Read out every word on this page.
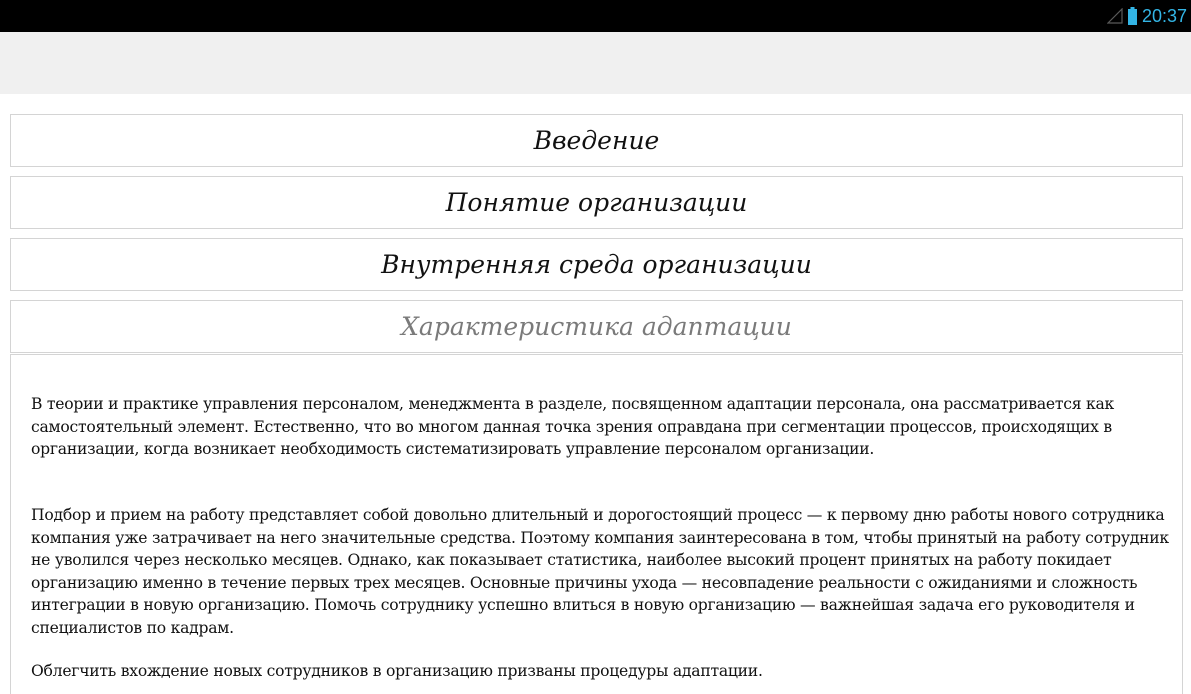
20:37
Введение
Понятие организации
Внутренняя среда организации
Характеристика адаптации

В теории и практике управления персоналом, менеджмента в разделе, посвященном адаптации персонала, она рассматривается как самостоятельный элемент. Естественно, что во многом данная точка зрения оправдана при сегментации процессов, происходящих в организации, когда возникает необходимость систематизировать управление персоналом организации.

Подбор и прием на работу представляет собой довольно длительный и дорогостоящий процесс — к первому дню работы нового сотрудника компания уже затрачивает на него значительные средства. Поэтому компания заинтересована в том, чтобы принятый на работу сотрудник не уволился через несколько месяцев. Однако, как показывает статистика, наиболее высокий процент принятых на работу покидает организацию именно в течение первых трех месяцев. Основные причины ухода — несовпадение реальности с ожиданиями и сложность интеграции в новую организацию. Помочь сотруднику успешно влиться в новую организацию — важнейшая задача его руководителя и специалистов по кадрам.

Облегчить вхождение новых сотрудников в организацию призваны процедуры адаптации.
